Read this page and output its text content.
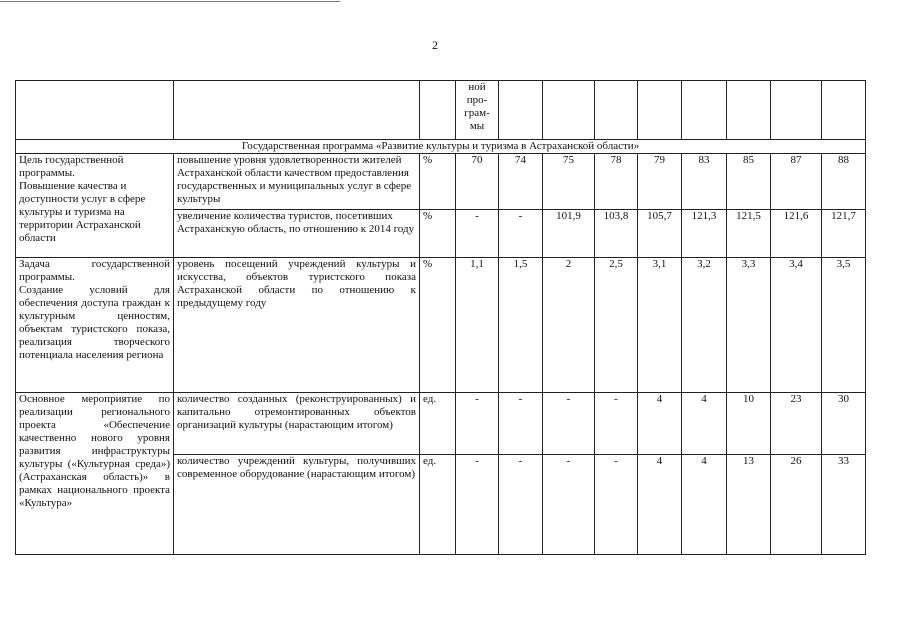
2
			ной
про-
грам-
мы								
Государственная программа «Развитие культуры и туризма в Астраханской области»											
Цель государственной программы.
Повышение качества и доступности услуг в сфере культуры и туризма на территории Астраханской области	повышение уровня удовлетворенности жителей Астраханской области качеством предоставления государственных и муниципальных услуг в сфере культуры	%	70	74	75	78	79	83	85	87	88
	увеличение количества туристов, посетивших Астраханскую область, по отношению к 2014 году	%	-	-	101,9	103,8	105,7	121,3	121,5	121,6	121,7
Задача государственной программы.
Создание условий для обеспечения доступа граждан к культурным ценностям, объектам туристского показа, реализация творческого потенциала населения региона	уровень посещений учреждений культуры и искусства, объектов туристского показа Астраханской области по отношению к предыдущему году	%	1,1	1,5	2	2,5	3,1	3,2	3,3	3,4	3,5
Основное мероприятие по реализации регионального проекта «Обеспечение качественно нового уровня развития инфраструктуры культуры («Культурная среда») (Астраханская область)» в рамках национального проекта «Культура»	количество созданных (реконструированных) и капитально отремонтированных объектов организаций культуры (нарастающим итогом)	ед.	-	-	-	-	4	4	10	23	30
	количество учреждений культуры, получивших современное оборудование (нарастающим итогом)	ед.	-	-	-	-	4	4	13	26	33
